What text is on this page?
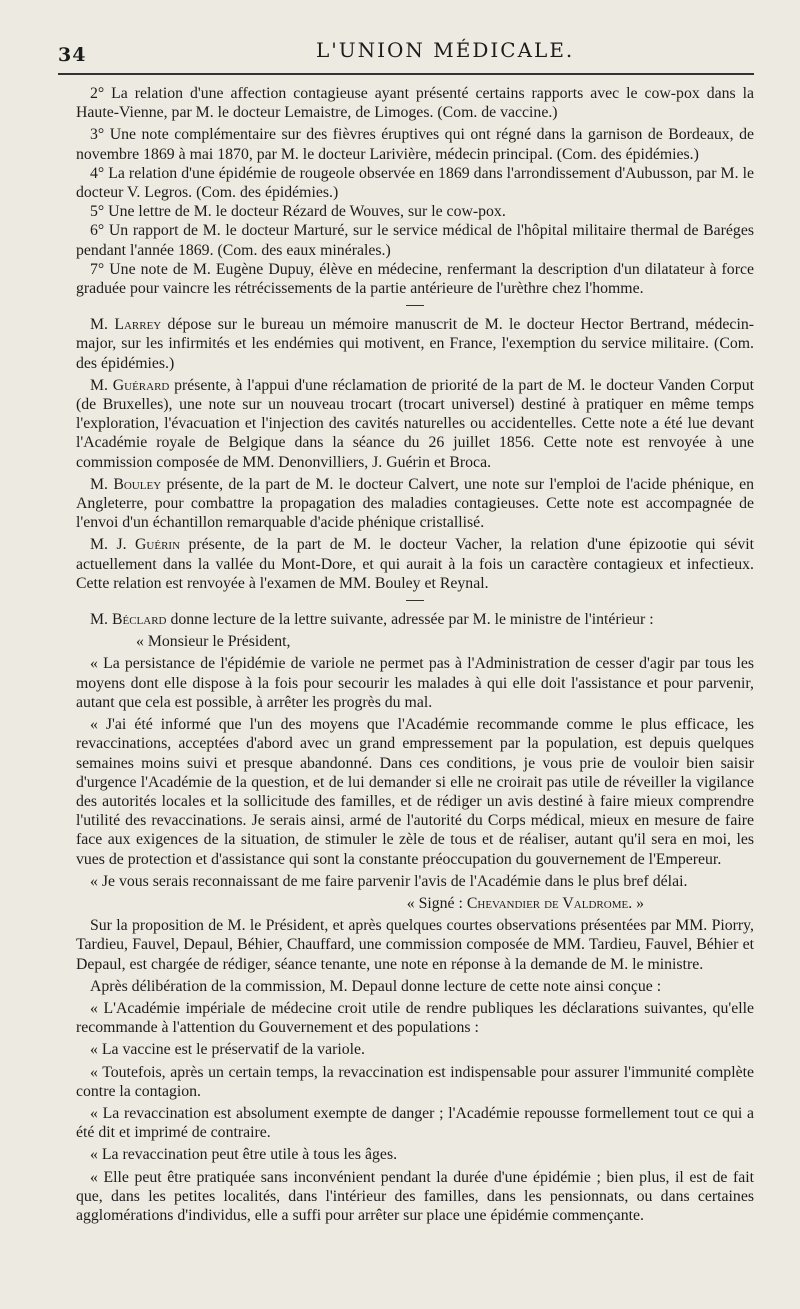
34	L'UNION MÉDICALE.

2° La relation d'une affection contagieuse ayant présenté certains rapports avec le cow-pox dans la Haute-Vienne, par M. le docteur Lemaistre, de Limoges. (Com. de vaccine.)

3° Une note complémentaire sur des fièvres éruptives qui ont régné dans la garnison de Bordeaux, de novembre 1869 à mai 1870, par M. le docteur Larivière, médecin principal. (Com. des épidémies.)

4° La relation d'une épidémie de rougeole observée en 1869 dans l'arrondissement d'Aubusson, par M. le docteur V. Legros. (Com. des épidémies.)

5° Une lettre de M. le docteur Rézard de Wouves, sur le cow-pox.

6° Un rapport de M. le docteur Marturé, sur le service médical de l'hôpital militaire thermal de Baréges pendant l'année 1869. (Com. des eaux minérales.)

7° Une note de M. Eugène Dupuy, élève en médecine, renfermant la description d'un dilatateur à force graduée pour vaincre les rétrécissements de la partie antérieure de l'urèthre chez l'homme.

M. Larrey dépose sur le bureau un mémoire manuscrit de M. le docteur Hector Bertrand, médecin-major, sur les infirmités et les endémies qui motivent, en France, l'exemption du service militaire. (Com. des épidémies.)

M. Guérard présente, à l'appui d'une réclamation de priorité de la part de M. le docteur Vanden Corput (de Bruxelles), une note sur un nouveau trocart (trocart universel) destiné à pratiquer en même temps l'exploration, l'évacuation et l'injection des cavités naturelles ou accidentelles. Cette note a été lue devant l'Académie royale de Belgique dans la séance du 26 juillet 1856. Cette note est renvoyée à une commission composée de MM. Denonvilliers, J. Guérin et Broca.

M. Bouley présente, de la part de M. le docteur Calvert, une note sur l'emploi de l'acide phénique, en Angleterre, pour combattre la propagation des maladies contagieuses. Cette note est accompagnée de l'envoi d'un échantillon remarquable d'acide phénique cristallisé.

M. J. Guérin présente, de la part de M. le docteur Vacher, la relation d'une épizootie qui sévit actuellement dans la vallée du Mont-Dore, et qui aurait à la fois un caractère contagieux et infectieux. Cette relation est renvoyée à l'examen de MM. Bouley et Reynal.

M. Béclard donne lecture de la lettre suivante, adressée par M. le ministre de l'intérieur :

« Monsieur le Président,

« La persistance de l'épidémie de variole ne permet pas à l'Administration de cesser d'agir par tous les moyens dont elle dispose à la fois pour secourir les malades à qui elle doit l'assistance et pour parvenir, autant que cela est possible, à arrêter les progrès du mal.

« J'ai été informé que l'un des moyens que l'Académie recommande comme le plus efficace, les revaccinations, acceptées d'abord avec un grand empressement par la population, est depuis quelques semaines moins suivi et presque abandonné. Dans ces conditions, je vous prie de vouloir bien saisir d'urgence l'Académie de la question, et de lui demander si elle ne croirait pas utile de réveiller la vigilance des autorités locales et la sollicitude des familles, et de rédiger un avis destiné à faire mieux comprendre l'utilité des revaccinations. Je serais ainsi, armé de l'autorité du Corps médical, mieux en mesure de faire face aux exigences de la situation, de stimuler le zèle de tous et de réaliser, autant qu'il sera en moi, les vues de protection et d'assistance qui sont la constante préoccupation du gouvernement de l'Empereur.

« Je vous serais reconnaissant de me faire parvenir l'avis de l'Académie dans le plus bref délai.

« Signé : Chevandier de Valdrome. »

Sur la proposition de M. le Président, et après quelques courtes observations présentées par MM. Piorry, Tardieu, Fauvel, Depaul, Béhier, Chauffard, une commission composée de MM. Tardieu, Fauvel, Béhier et Depaul, est chargée de rédiger, séance tenante, une note en réponse à la demande de M. le ministre.

Après délibération de la commission, M. Depaul donne lecture de cette note ainsi conçue :

« L'Académie impériale de médecine croit utile de rendre publiques les déclarations suivantes, qu'elle recommande à l'attention du Gouvernement et des populations :

« La vaccine est le préservatif de la variole.

« Toutefois, après un certain temps, la revaccination est indispensable pour assurer l'immunité complète contre la contagion.

« La revaccination est absolument exempte de danger ; l'Académie repousse formellement tout ce qui a été dit et imprimé de contraire.

« La revaccination peut être utile à tous les âges.

« Elle peut être pratiquée sans inconvénient pendant la durée d'une épidémie ; bien plus, il est de fait que, dans les petites localités, dans l'intérieur des familles, dans les pensionnats, ou dans certaines agglomérations d'individus, elle a suffi pour arrêter sur place une épidémie commençante.
